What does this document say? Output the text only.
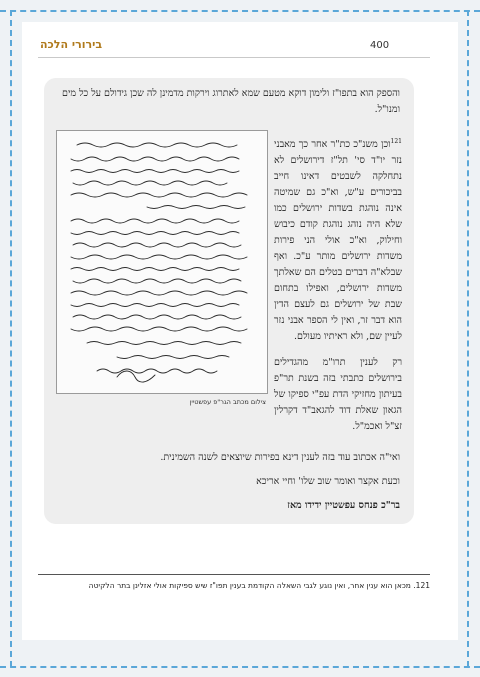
400
בירורי הלכה
והספק הוא בתפו"ז ולימון דוקא מטעם שמא לאתרוג וירקות מדמינן לה שכן גידולם על כל מים ומנו"ל.

$^{121}$וכן משנ"כ כת"ר אחר כך מאבני נזר יו"ד סי' תל"ז דירושלים לא נתחלקה לשבטים דאינו חייב בביכורים ע"ש, וא"כ גם שמיטה אינה נוהגת בשדות ירושלים כמו שלא היה נוהג נוהגת קודם כיבוש וחילוק, וא"כ אולי הני פירות משדות ירושלים מותר ע"כ. ואף שבלא"ה דברים בטלים הם שאלתך משדות ירושלים, ואפילו בתחום שבת של ירושלים גם לעצם הדין הוא דבר זר, ואין לי הספר אבני נזר לעיין שם, ולא ראיתיו מעולם.

רק לענין תרו"מ מהגדילים בירושלים כתבתי בזה בשנת תר"פ בעיתון מחזיקי הדת עפ"י ספיקו של הגאון שאלת דוד להגאב"ד דקרלין זצ"ל ואכמ"ל.

צילום מכתב הגר"פ עפשטיין
ואי"ה אכתוב עוד בזה לענין דינא בפירות שיוצאים לשנה השמינית.
וכעת אקצר ואומר שוב שלו' וחיי אריכא
בר"כ פנחס עפשטיין ידידו מאז
121. מכאן הוא ענין אחר, ואין נוגע לגבי השאלה הקודמת בענין תפו"ז שיש ספיקות אולי אזלינן בתר הלקיטה
